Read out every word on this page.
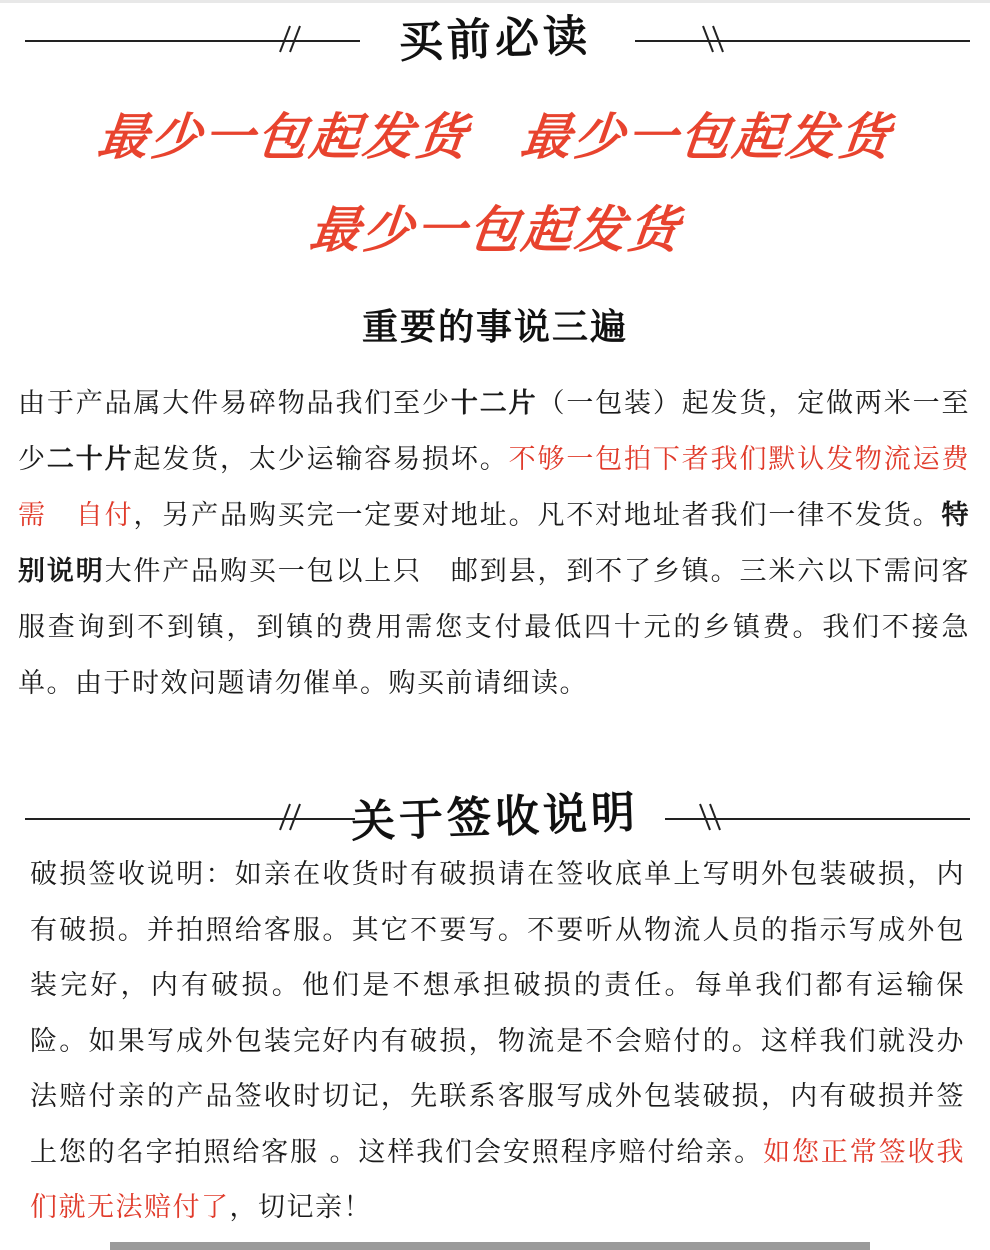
买前必读
最少一包起发货 最少一包起发货
最少一包起发货
重要的事说三遍
由于产品属大件易碎物品我们至少十二片（一包装）起发货，定做两米一至少二十片起发货，太少运输容易损坏。不够一包拍下者我们默认发物流运费需　自付，另产品购买完一定要对地址。凡不对地址者我们一律不发货。特别说明大件产品购买一包以上只　邮到县，到不了乡镇。三米六以下需问客服查询到不到镇，到镇的费用需您支付最低四十元的乡镇费。我们不接急单。由于时效问题请勿催单。购买前请细读。
关于签收说明
破损签收说明：如亲在收货时有破损请在签收底单上写明外包装破损，内有破损。并拍照给客服。其它不要写。不要听从物流人员的指示写成外包装完好，内有破损。他们是不想承担破损的责任。每单我们都有运输保险。如果写成外包装完好内有破损，物流是不会赔付的。这样我们就没办法赔付亲的产品签收时切记，先联系客服写成外包装破损，内有破损并签上您的名字拍照给客服 。这样我们会安照程序赔付给亲。如您正常签收我们就无法赔付了，切记亲！
